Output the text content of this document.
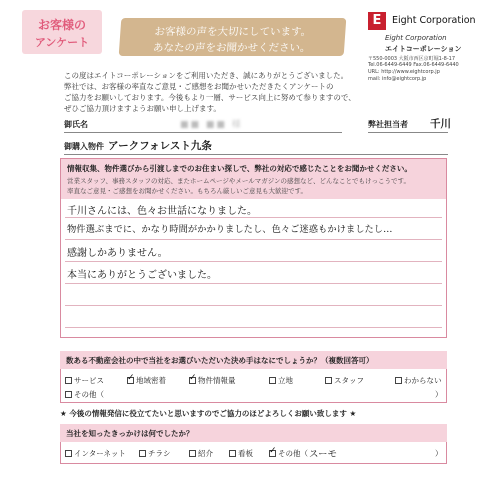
お客様の
アンケート
お客様の声を大切にしています。
あなたの声をお聞かせください。
E	Eight Corporation
Eight Corporation
エイトコーポレーション
〒550-0003 大阪市西区京町堀1-8-17
Tel.06-6449-6449 Fax.06-6449-6440
URL: http://www.eightcorp.jp
mail: info@eightcorp.jp
この度はエイトコーポレーションをご利用いただき、誠にありがとうございました。
弊社では、お客様の率直なご意見・ご感想をお聞かせいただきたくアンケートの
ご協力をお願いしております。今後もより一層、サービス向上に努めて参りますので、
ぜひご協力頂けますようお願い申し上げます。
御氏名	■■ ■■ 様	弊社担当者 千川
御購入物件 アークフォレスト九条
情報収集、物件選びから引渡しまでのお住まい探しで、弊社の対応で感じたことをお聞かせください。
営業スタッフ、事務スタッフの対応、またホームページやメールマガジンの感想など、どんなことでもけっこうです。
率直なご意見・ご感想をお聞かせください。もちろん厳しいご意見も大歓迎です。
千川さんには、色々お世話になりました。
物件選ぶまでに、かなり時間がかかりましたし、色々ご迷惑もかけましたし…
感謝しかありません。
本当にありがとうございました。
数ある不動産会社の中で当社をお選びいただいた決め手はなにでしょうか？（複数回答可）
サービス ✓	地域密着 ✓	物件情報量	立地	スタッフ	わからない
その他（	）
★ 今後の情報発信に役立てたいと思いますのでご協力のほどよろしくお願い致します ★
当社を知ったきっかけは何でしたか？
インターネット	チラシ	紹介	看板 ✓	その他（ スーモ	）
